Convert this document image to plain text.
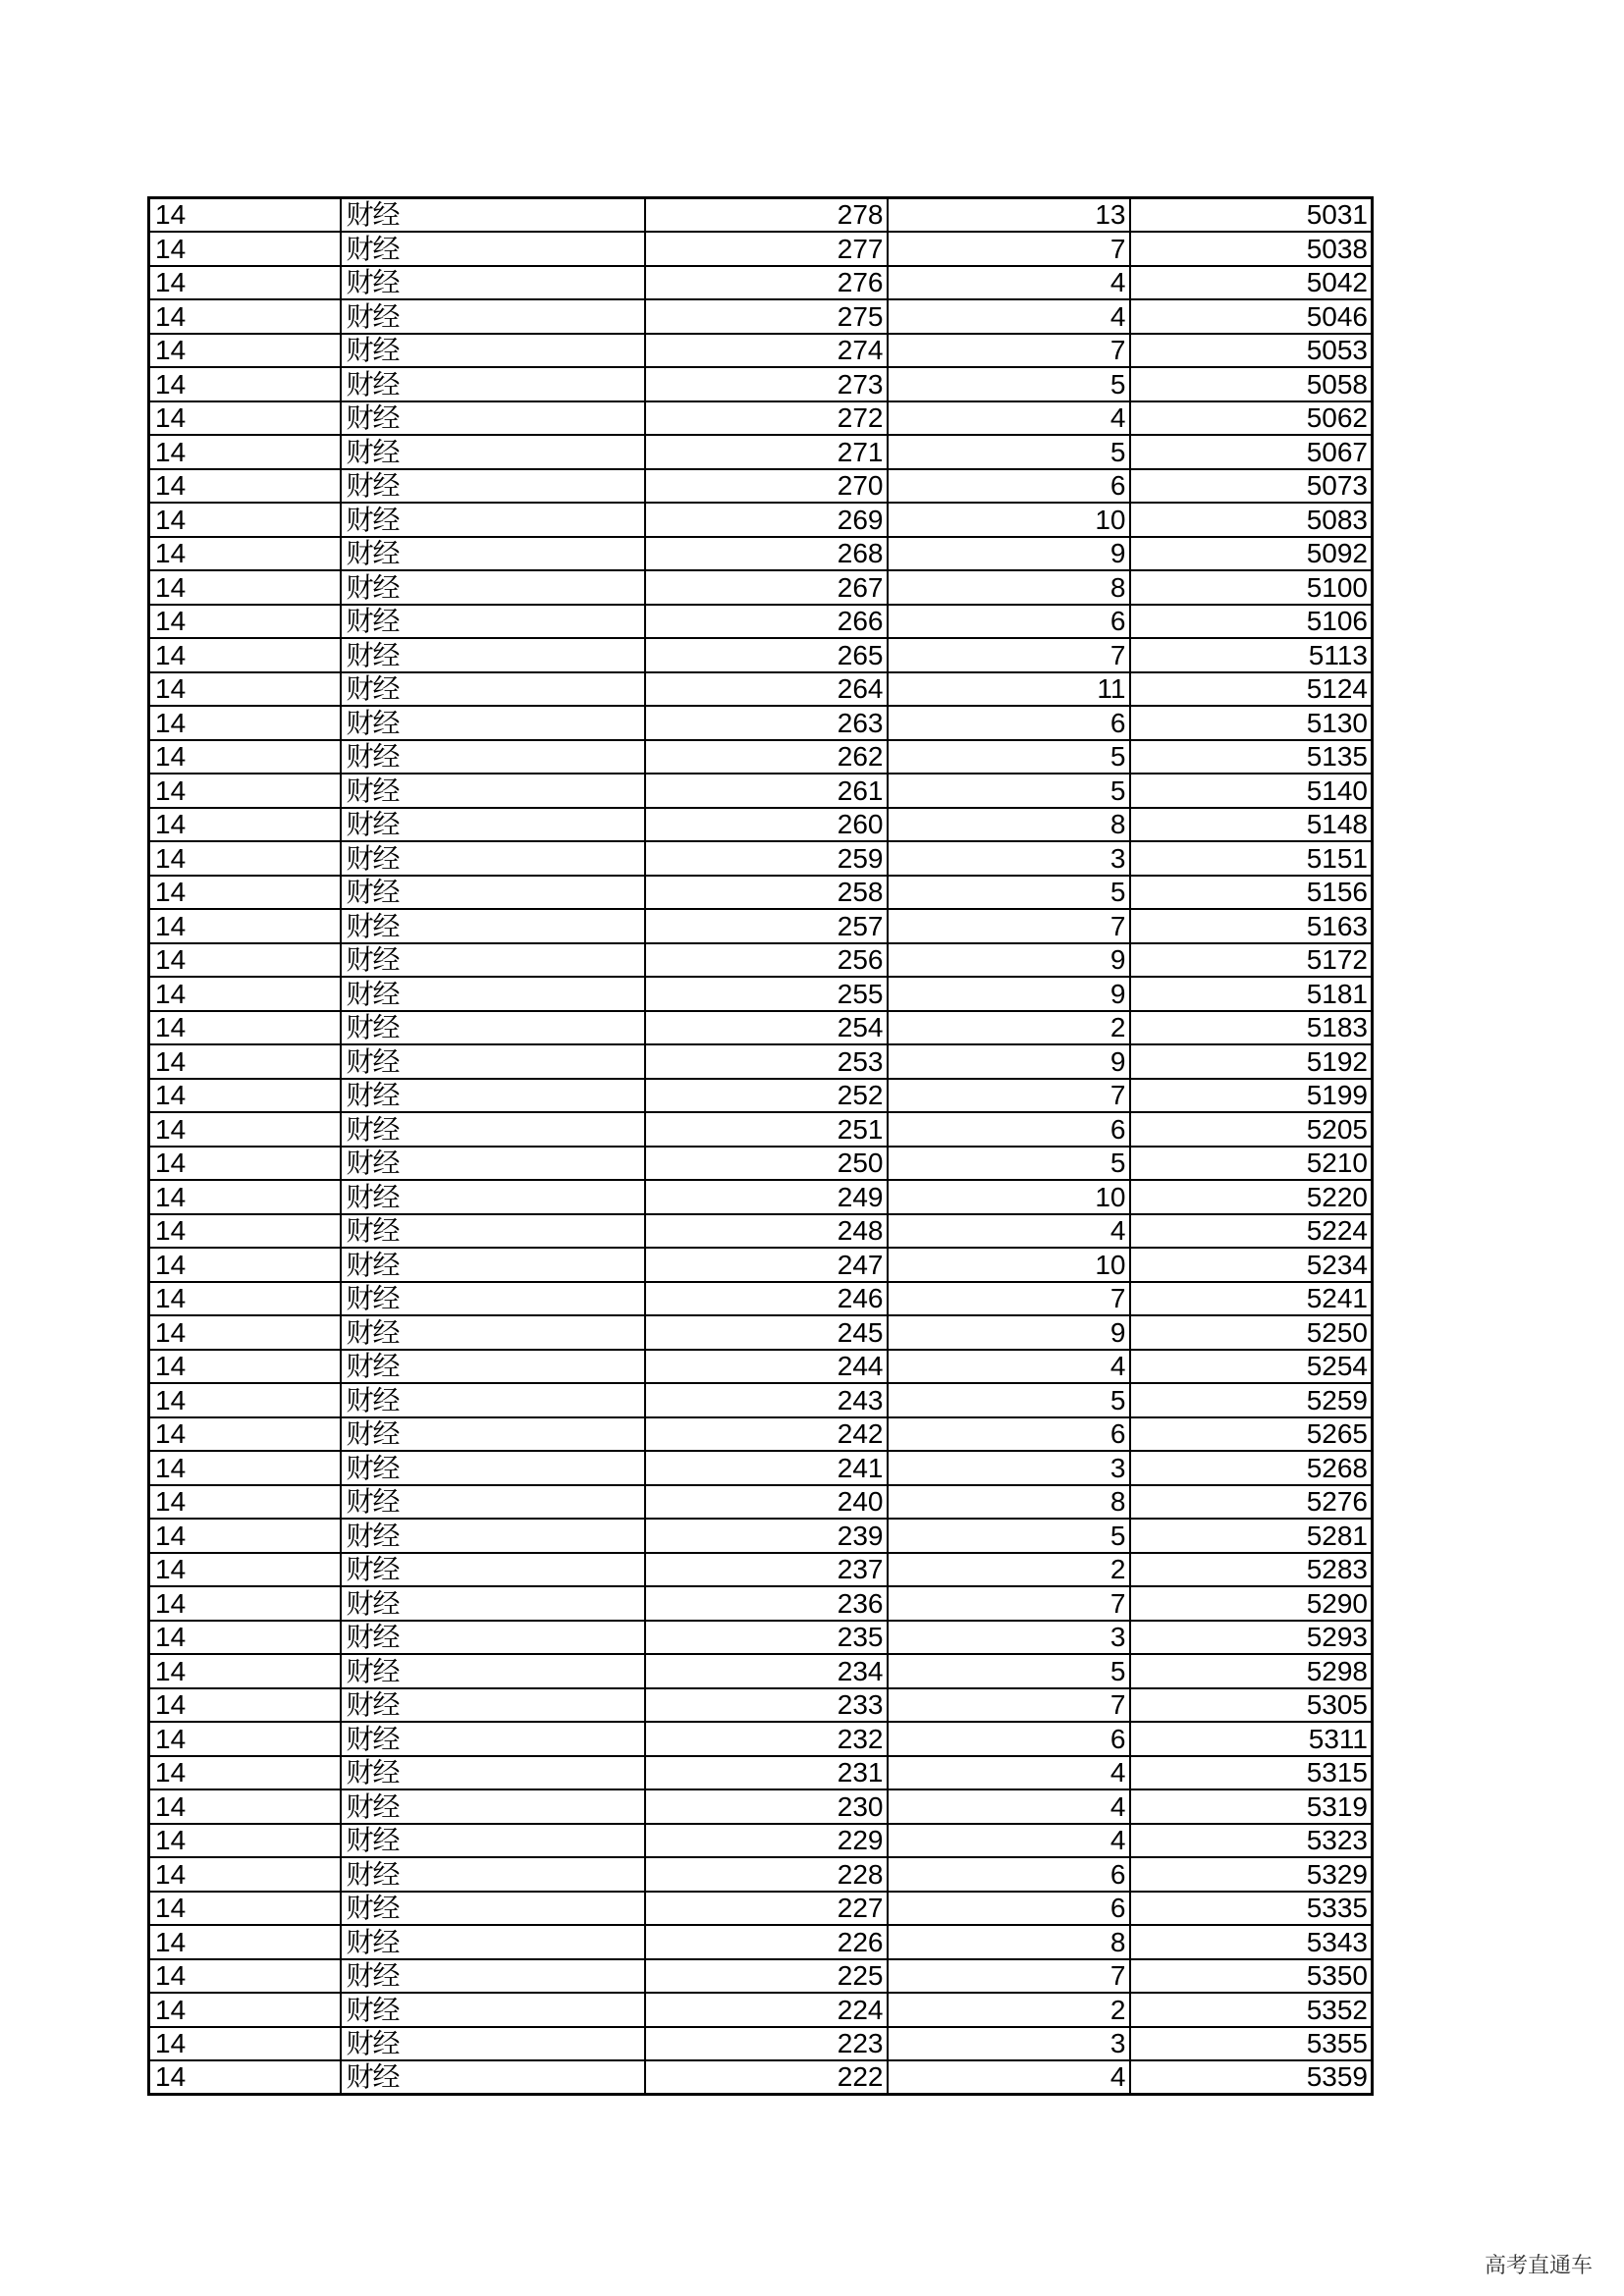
14	财经	278	13	5031
14	财经	277	7	5038
14	财经	276	4	5042
14	财经	275	4	5046
14	财经	274	7	5053
14	财经	273	5	5058
14	财经	272	4	5062
14	财经	271	5	5067
14	财经	270	6	5073
14	财经	269	10	5083
14	财经	268	9	5092
14	财经	267	8	5100
14	财经	266	6	5106
14	财经	265	7	5113
14	财经	264	11	5124
14	财经	263	6	5130
14	财经	262	5	5135
14	财经	261	5	5140
14	财经	260	8	5148
14	财经	259	3	5151
14	财经	258	5	5156
14	财经	257	7	5163
14	财经	256	9	5172
14	财经	255	9	5181
14	财经	254	2	5183
14	财经	253	9	5192
14	财经	252	7	5199
14	财经	251	6	5205
14	财经	250	5	5210
14	财经	249	10	5220
14	财经	248	4	5224
14	财经	247	10	5234
14	财经	246	7	5241
14	财经	245	9	5250
14	财经	244	4	5254
14	财经	243	5	5259
14	财经	242	6	5265
14	财经	241	3	5268
14	财经	240	8	5276
14	财经	239	5	5281
14	财经	237	2	5283
14	财经	236	7	5290
14	财经	235	3	5293
14	财经	234	5	5298
14	财经	233	7	5305
14	财经	232	6	5311
14	财经	231	4	5315
14	财经	230	4	5319
14	财经	229	4	5323
14	财经	228	6	5329
14	财经	227	6	5335
14	财经	226	8	5343
14	财经	225	7	5350
14	财经	224	2	5352
14	财经	223	3	5355
14	财经	222	4	5359
高考直通车
